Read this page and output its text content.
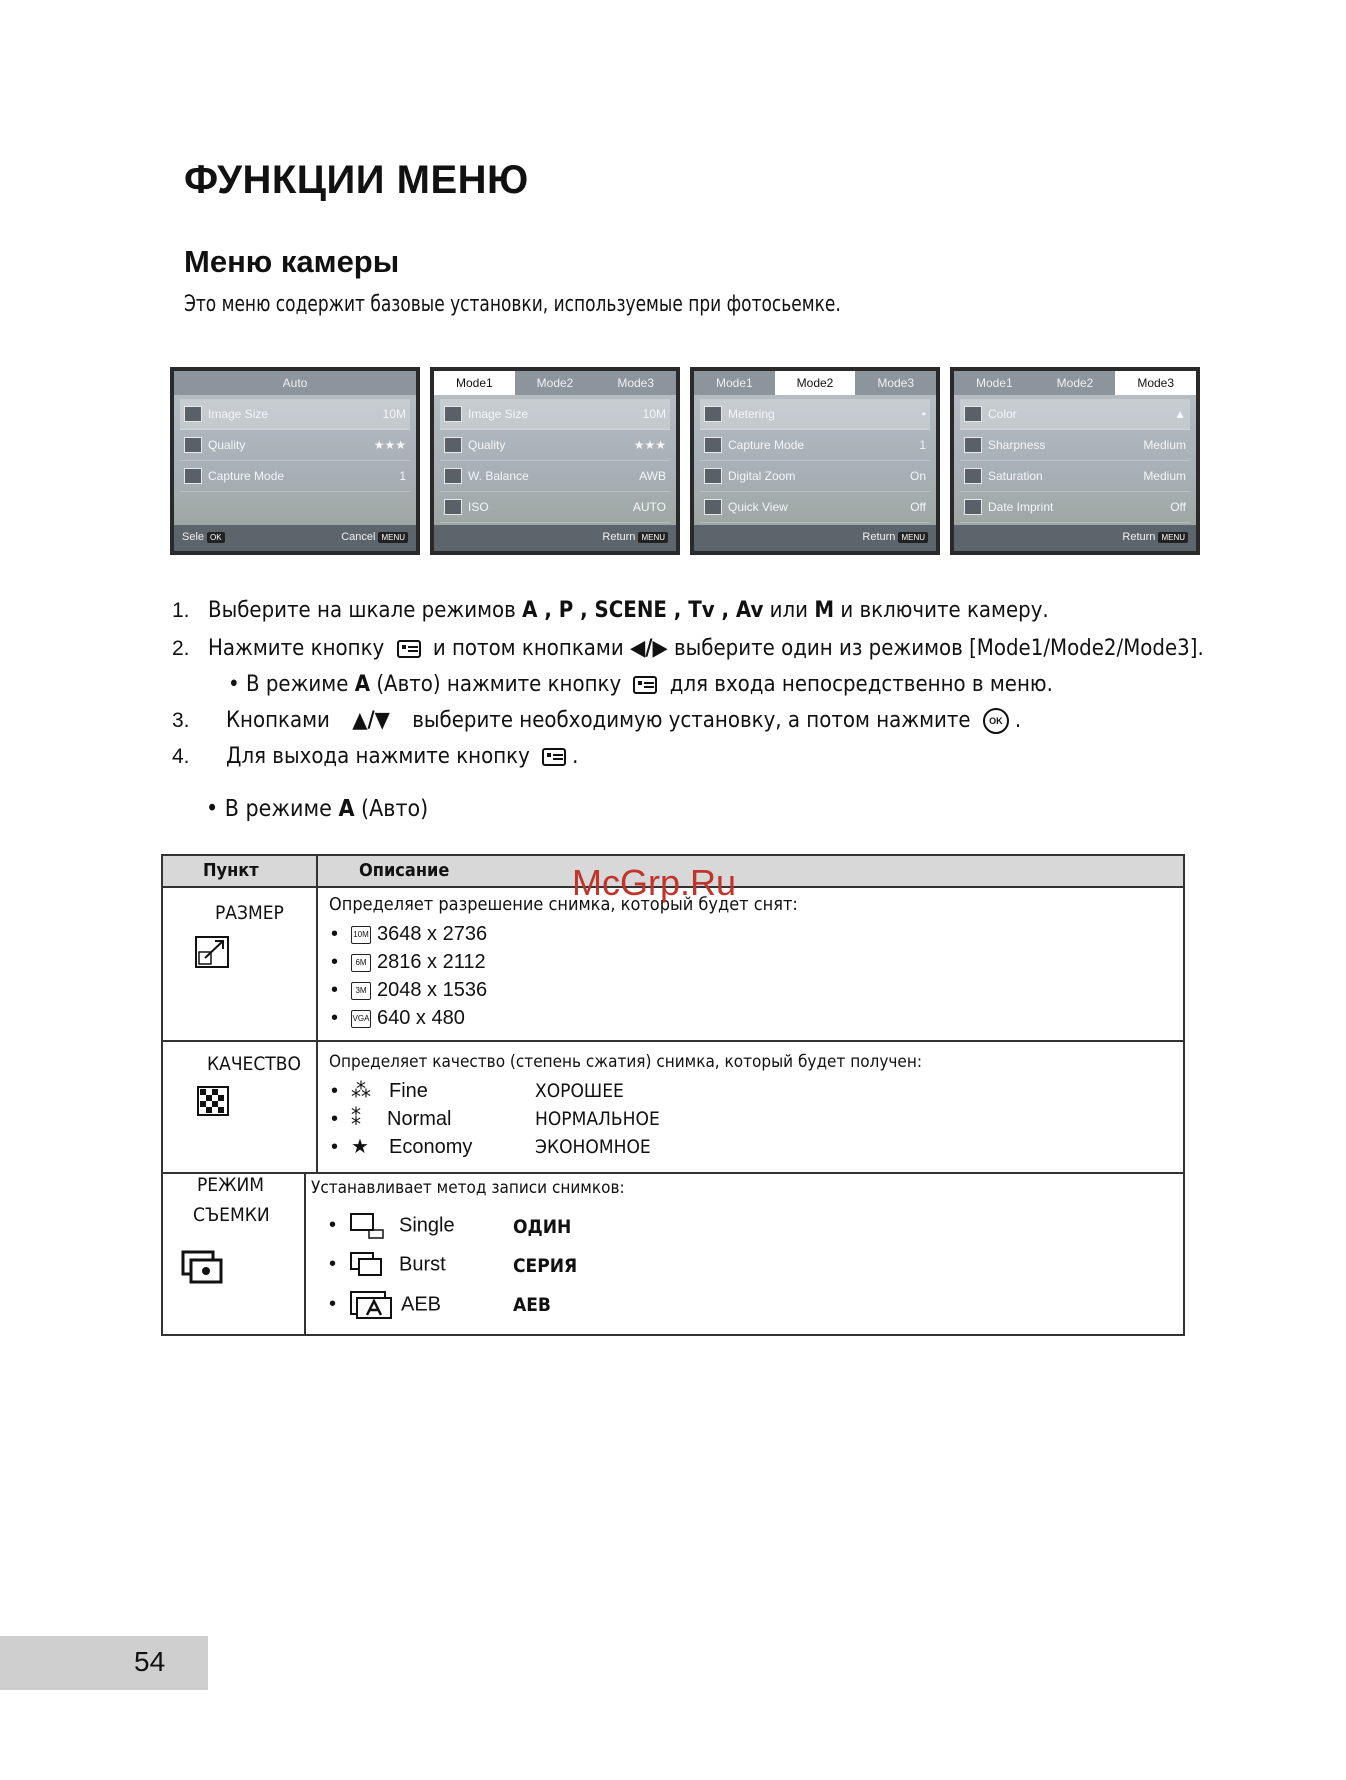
ФУНКЦИИ МЕНЮ
Меню камеры
Это меню содержит базовые установки, используемые при фотосьемке.
Auto
Image Size	10M
Quality	★★★
Capture Mode	1
Sele OK	Cancel MENU
Mode1	Mode2	Mode3
Image Size	10M
Quality	★★★
W. Balance	AWB
ISO	AUTO
Return MENU
Mode1	Mode2	Mode3
Metering	•
Capture Mode	1
Digital Zoom	On
Quick View	Off
Return MENU
Mode1	Mode2	Mode3
Color	▲
Sharpness	Medium
Saturation	Medium
Date Imprint	Off
Return MENU
1. Выберите на шкале режимов A , P , SCENE , Tv , Av или M и включите камеру.
2. Нажмите кнопку и потом кнопками ◀/▶ выберите один из режимов [Mode1/Mode2/Mode3].
• В режиме A (Авто) нажмите кнопку для входа непосредственно в меню.
3. Кнопками ▲/▼ выберите необходимую установку, а потом нажмите OK .
4. Для выхода нажмите кнопку .
• В режиме A (Авто)
Пункт	Описание
РАЗМЕР	Определяет разрешение снимка, который будет снят:
• 10M 3648 x 2736
• 6M 2816 x 2112
• 3M 2048 x 1536
• VGA 640 x 480
КАЧЕСТВО Определяет качество (степень сжатия) снимка, который будет получен:
• ⁂ Fine	ХОРОШЕЕ
• ⁑ Normal	НОРМАЛЬНОЕ
• ★ Economy	ЭКОНОМНОЕ
РЕЖИМ
СЪЕМКИ
Устанавливает метод записи снимков:
•	Single	ОДИН
•	Burst	СЕРИЯ
•	AEB	AEB
McGrp.Ru
54
